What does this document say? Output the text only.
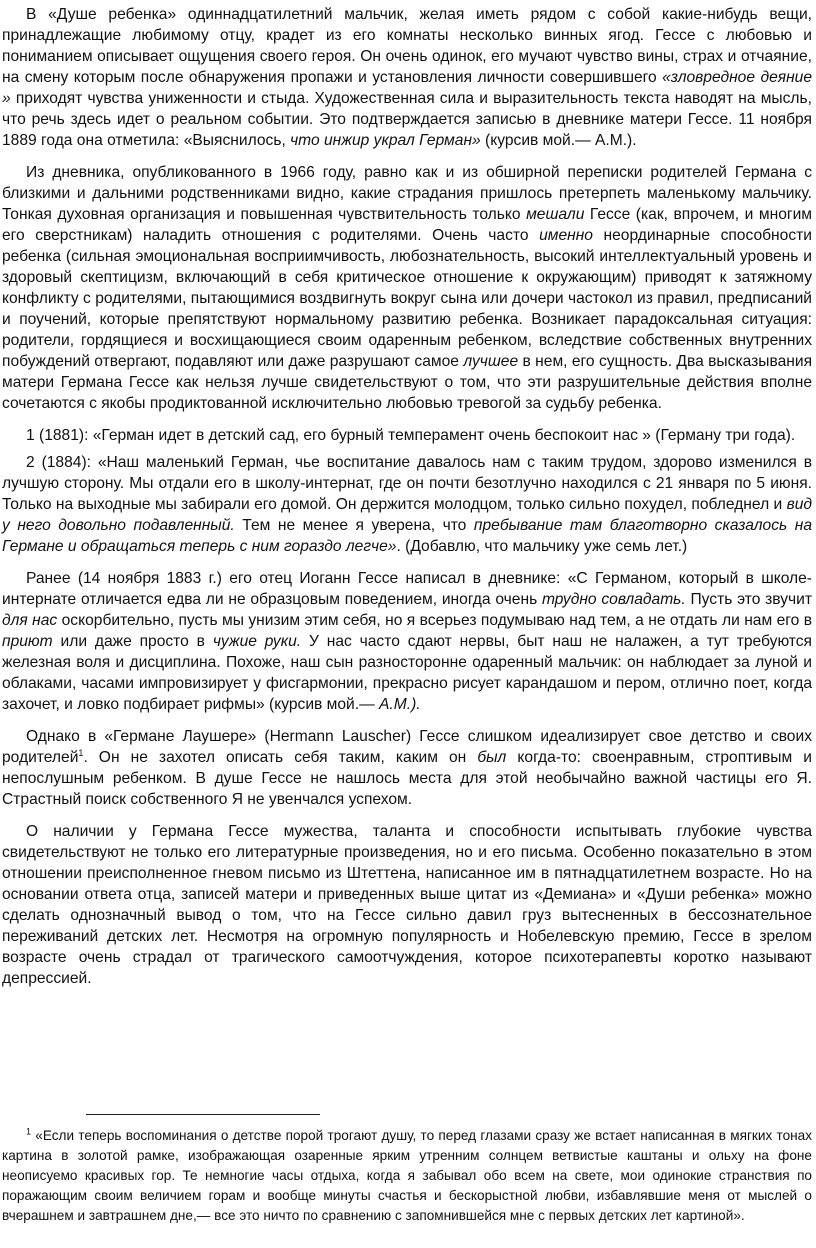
В «Душе ребенка» одиннадцатилетний мальчик, желая иметь рядом с собой какие-нибудь вещи, принадлежащие любимому отцу, крадет из его комнаты несколько винных ягод. Гессе с любовью и пониманием описывает ощущения своего героя. Он очень одинок, его мучают чувство вины, страх и отчаяние, на смену которым после обнаружения пропажи и установления личности совершившего «зловредное деяние » приходят чувства униженности и стыда. Художественная сила и выразительность текста наводят на мысль, что речь здесь идет о реальном событии. Это подтверждается записью в дневнике матери Гессе. 11 ноября 1889 года она отметила: «Выяснилось, что инжир украл Герман» (курсив мой.— А.М.).

Из дневника, опубликованного в 1966 году, равно как и из обширной переписки родителей Германа с близкими и дальними родственниками видно, какие страдания пришлось претерпеть маленькому мальчику. Тонкая духовная организация и повышенная чувствительность только мешали Гессе (как, впрочем, и многим его сверстникам) наладить отношения с родителями. Очень часто именно неординарные способности ребенка (сильная эмоциональная восприимчивость, любознательность, высокий интеллектуальный уровень и здоровый скептицизм, включающий в себя критическое отношение к окружающим) приводят к затяжному конфликту с родителями, пытающимися воздвигнуть вокруг сына или дочери частокол из правил, предписаний и поучений, которые препятствуют нормальному развитию ребенка. Возникает парадоксальная ситуация: родители, гордящиеся и восхищающиеся своим одаренным ребенком, вследствие собственных внутренних побуждений отвергают, подавляют или даже разрушают самое лучшее в нем, его сущность. Два высказывания матери Германа Гессе как нельзя лучше свидетельствуют о том, что эти разрушительные действия вполне сочетаются с якобы продиктованной исключительно любовью тревогой за судьбу ребенка.

1 (1881): «Герман идет в детский сад, его бурный темперамент очень беспокоит нас » (Герману три года).

2 (1884): «Наш маленький Герман, чье воспитание давалось нам с таким трудом, здорово изменился в лучшую сторону. Мы отдали его в школу-интернат, где он почти безотлучно находился с 21 января по 5 июня. Только на выходные мы забирали его домой. Он держится молодцом, только сильно похудел, побледнел и вид у него довольно подавленный. Тем не менее я уверена, что пребывание там благотворно сказалось на Германе и обращаться теперь с ним гораздо легче». (Добавлю, что мальчику уже семь лет.)

Ранее (14 ноября 1883 г.) его отец Иоганн Гессе написал в дневнике: «С Германом, который в школе-интернате отличается едва ли не образцовым поведением, иногда очень трудно совладать. Пусть это звучит для нас оскорбительно, пусть мы унизим этим себя, но я всерьез подумываю над тем, а не отдать ли нам его в приют или даже просто в чужие руки. У нас часто сдают нервы, быт наш не налажен, а тут требуются железная воля и дисциплина. Похоже, наш сын разносторонне одаренный мальчик: он наблюдает за луной и облаками, часами импровизирует у фисгармонии, прекрасно рисует карандашом и пером, отлично поет, когда захочет, и ловко подбирает рифмы» (курсив мой.— А.М.).

Однако в «Германе Лаушере» (Hermann Lauscher) Гессе слишком идеализирует свое детство и своих родителей$^1$. Он не захотел описать себя таким, каким он был когда-то: своенравным, строптивым и непослушным ребенком. В душе Гессе не нашлось места для этой необычайно важной частицы его Я. Страстный поиск собственного Я не увенчался успехом.

О наличии у Германа Гессе мужества, таланта и способности испытывать глубокие чувства свидетельствуют не только его литературные произведения, но и его письма. Особенно показательно в этом отношении преисполненное гневом письмо из Штеттена, написанное им в пятнадцатилетнем возрасте. Но на основании ответа отца, записей матери и приведенных выше цитат из «Демиана» и «Души ребенка» можно сделать однозначный вывод о том, что на Гессе сильно давил груз вытесненных в бессознательное переживаний детских лет. Несмотря на огромную популярность и Нобелевскую премию, Гессе в зрелом возрасте очень страдал от трагического самоотчуждения, которое психотерапевты коротко называют депрессией.

$^1$ «Если теперь воспоминания о детстве порой трогают душу, то перед глазами сразу же встает написанная в мягких тонах картина в золотой рамке, изображающая озаренные ярким утренним солнцем ветвистые каштаны и ольху на фоне неописуемо красивых гор. Те немногие часы отдыха, когда я забывал обо всем на свете, мои одинокие странствия по поражающим своим величием горам и вообще минуты счастья и бескорыстной любви, избавлявшие меня от мыслей о вчерашнем и завтрашнем дне,— все это ничто по сравнению с запомнившейся мне с первых детских лет картиной».
